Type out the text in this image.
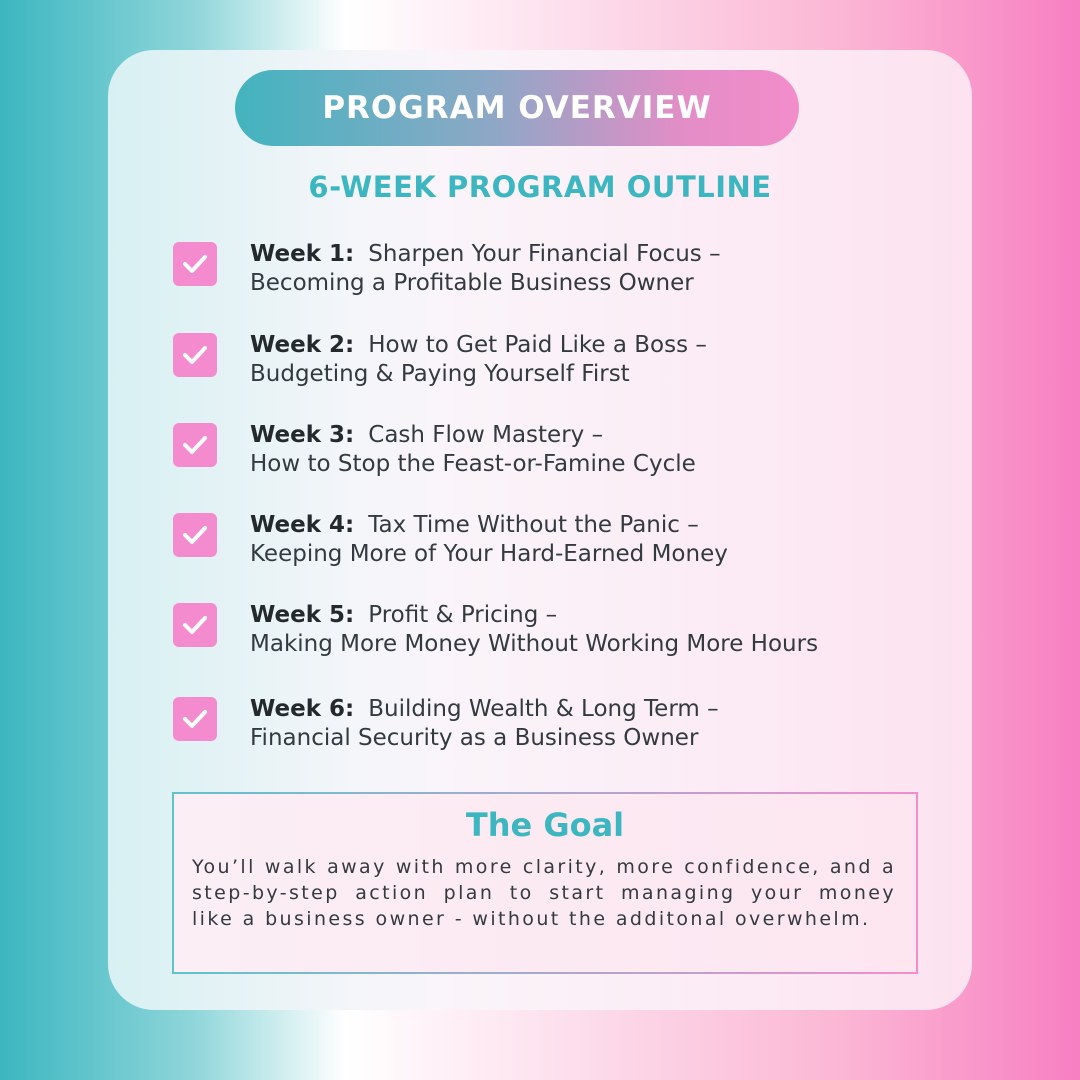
PROGRAM OVERVIEW
6-WEEK PROGRAM OUTLINE
Week 1: Sharpen Your Financial Focus –
Becoming a Profitable Business Owner
Week 2: How to Get Paid Like a Boss –
Budgeting & Paying Yourself First
Week 3: Cash Flow Mastery –
How to Stop the Feast-or-Famine Cycle
Week 4: Tax Time Without the Panic –
Keeping More of Your Hard-Earned Money
Week 5: Profit & Pricing –
Making More Money Without Working More Hours
Week 6: Building Wealth & Long Term –
Financial Security as a Business Owner
The Goal
You’ll walk away with more clarity, more confidence, and a step-by-step action plan to start managing your money like a business owner - without the additonal overwhelm.
